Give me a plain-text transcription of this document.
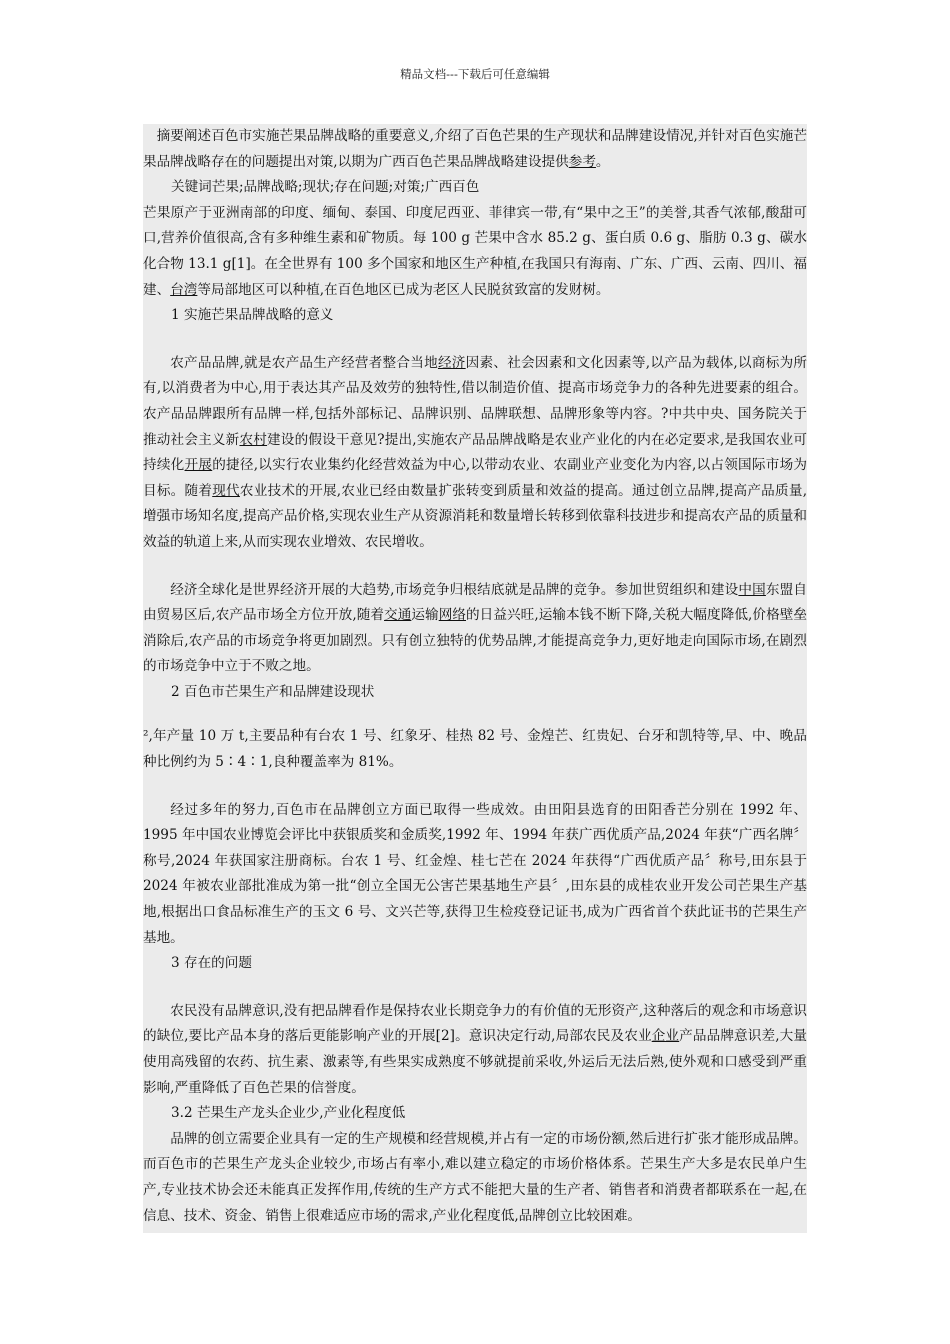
精品文档---下载后可任意编辑

摘要阐述百色市实施芒果品牌战略的重要意义,介绍了百色芒果的生产现状和品牌建设情况,并针对百色实施芒果品牌战略存在的问题提出对策,以期为广西百色芒果品牌战略建设提供参考。

关键词芒果;品牌战略;现状;存在问题;对策;广西百色

芒果原产于亚洲南部的印度、缅甸、泰国、印度尼西亚、菲律宾一带,有“果中之王”的美誉,其香气浓郁,酸甜可口,营养价值很高,含有多种维生素和矿物质。每 100 g 芒果中含水 85.2 g、蛋白质 0.6 g、脂肪 0.3 g、碳水化合物 13.1 g[1]。在全世界有 100 多个国家和地区生产种植,在我国只有海南、广东、广西、云南、四川、福建、台湾等局部地区可以种植,在百色地区已成为老区人民脱贫致富的发财树。

1 实施芒果品牌战略的意义

农产品品牌,就是农产品生产经营者整合当地经济因素、社会因素和文化因素等,以产品为载体,以商标为所有,以消费者为中心,用于表达其产品及效劳的独特性,借以制造价值、提高市场竞争力的各种先进要素的组合。农产品品牌跟所有品牌一样,包括外部标记、品牌识别、品牌联想、品牌形象等内容。?中共中央、国务院关于推动社会主义新农村建设的假设干意见?提出,实施农产品品牌战略是农业产业化的内在必定要求,是我国农业可持续化开展的捷径,以实行农业集约化经营效益为中心,以带动农业、农副业产业变化为内容,以占领国际市场为目标。随着现代农业技术的开展,农业已经由数量扩张转变到质量和效益的提高。通过创立品牌,提高产品质量,增强市场知名度,提高产品价格,实现农业生产从资源消耗和数量增长转移到依靠科技进步和提高农产品的质量和效益的轨道上来,从而实现农业增效、农民增收。

经济全球化是世界经济开展的大趋势,市场竞争归根结底就是品牌的竞争。参加世贸组织和建设中国东盟自由贸易区后,农产品市场全方位开放,随着交通运输网络的日益兴旺,运输本钱不断下降,关税大幅度降低,价格壁垒消除后,农产品的市场竞争将更加剧烈。只有创立独特的优势品牌,才能提高竞争力,更好地走向国际市场,在剧烈的市场竞争中立于不败之地。

2 百色市芒果生产和品牌建设现状

²,年产量 10 万 t,主要品种有台农 1 号、红象牙、桂热 82 号、金煌芒、红贵妃、台牙和凯特等,早、中、晚品种比例约为 5∶4∶1,良种覆盖率为 81%。

经过多年的努力,百色市在品牌创立方面已取得一些成效。由田阳县选育的田阳香芒分别在 1992 年、1995 年中国农业博览会评比中获银质奖和金质奖,1992 年、1994 年获广西优质产品,2024 年获“广西名牌〞称号,2024 年获国家注册商标。台农 1 号、红金煌、桂七芒在 2024 年获得“广西优质产品〞称号,田东县于 2024 年被农业部批准成为第一批“创立全国无公害芒果基地生产县〞,田东县的成桂农业开发公司芒果生产基地,根据出口食品标准生产的玉文 6 号、文兴芒等,获得卫生检疫登记证书,成为广西省首个获此证书的芒果生产基地。

3 存在的问题

农民没有品牌意识,没有把品牌看作是保持农业长期竞争力的有价值的无形资产,这种落后的观念和市场意识的缺位,要比产品本身的落后更能影响产业的开展[2]。意识决定行动,局部农民及农业企业产品品牌意识差,大量使用高残留的农药、抗生素、激素等,有些果实成熟度不够就提前采收,外运后无法后熟,使外观和口感受到严重影响,严重降低了百色芒果的信誉度。

3.2 芒果生产龙头企业少,产业化程度低

品牌的创立需要企业具有一定的生产规模和经营规模,并占有一定的市场份额,然后进行扩张才能形成品牌。而百色市的芒果生产龙头企业较少,市场占有率小,难以建立稳定的市场价格体系。芒果生产大多是农民单户生产,专业技术协会还未能真正发挥作用,传统的生产方式不能把大量的生产者、销售者和消费者都联系在一起,在信息、技术、资金、销售上很难适应市场的需求,产业化程度低,品牌创立比较困难。
